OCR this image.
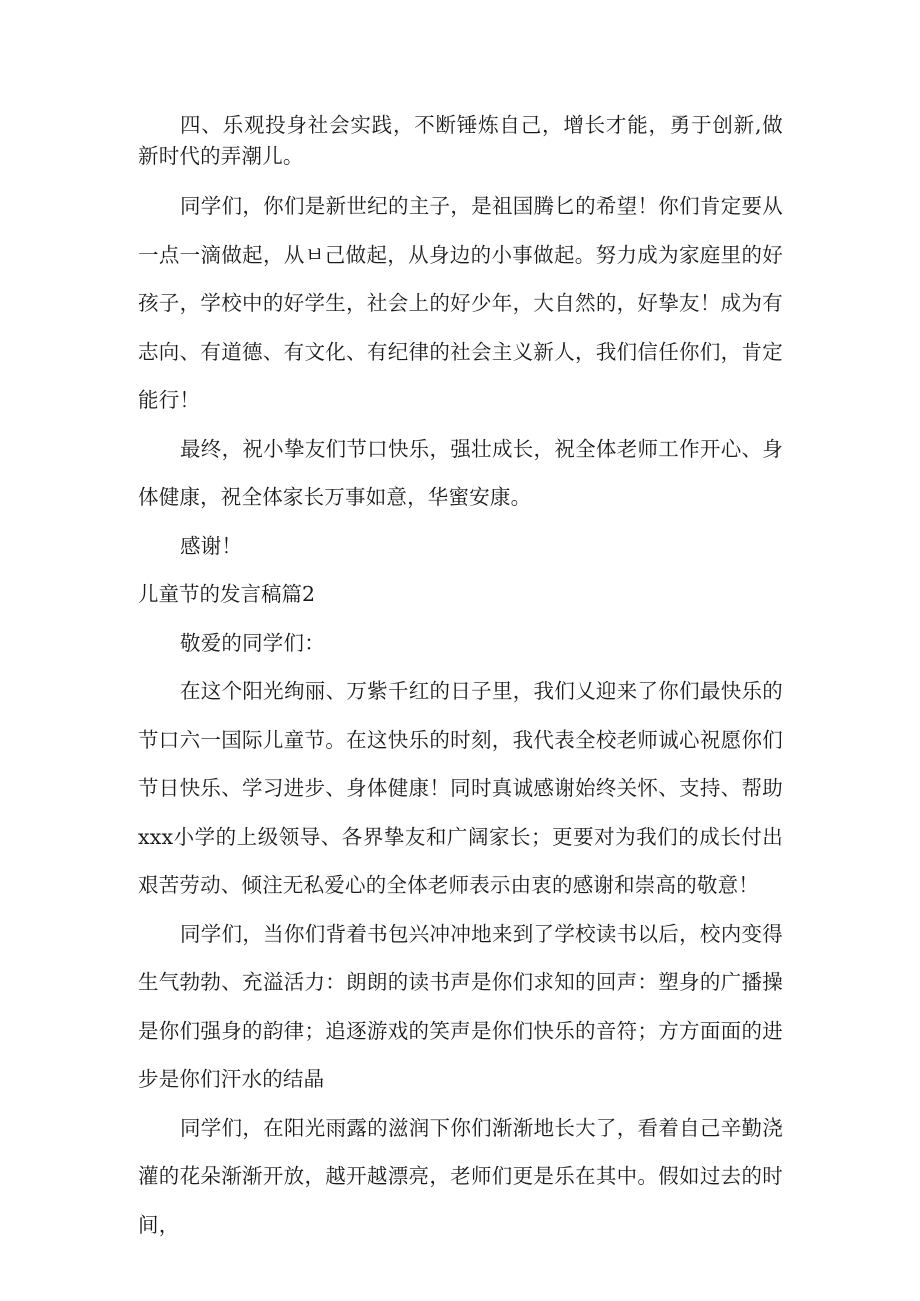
四、乐观投身社会实践，不断锤炼自己，增长才能，勇于创新,做新时代的弄潮儿。

同学们，你们是新世纪的主子，是祖国腾匕的希望！你们肯定要从一点一滴做起，从ㅂ己做起，从身边的小事做起。努力成为家庭里的好孩子，学校中的好学生，社会上的好少年，大自然的，好挚友！成为有志向、有道德、有文化、有纪律的社会主义新人，我们信任你们，肯定能行！

最终，祝小挚友们节口快乐，强壮成长，祝全体老师工作开心、身体健康，祝全体家长万事如意，华蜜安康。

感谢！

儿童节的发言稿篇2

敬爱的同学们：

在这个阳光绚丽、万紫千红的日子里，我们乂迎来了你们最快乐的节口六一国际儿童节。在这快乐的时刻，我代表全校老师诚心祝愿你们节日快乐、学习进步、身体健康！同时真诚感谢始终关怀、支持、帮助xxx小学的上级领导、各界挚友和广阔家长；更要对为我们的成长付出艰苦劳动、倾注无私爱心的全体老师表示由衷的感谢和崇高的敬意！

同学们，当你们背着书包兴冲冲地来到了学校读书以后，校内变得生气勃勃、充溢活力：朗朗的读书声是你们求知的回声：塑身的广播操是你们强身的韵律；追逐游戏的笑声是你们快乐的音符；方方面面的进步是你们汗水的结晶

同学们，在阳光雨露的滋润下你们渐渐地长大了，看着自己辛勤浇灌的花朵渐渐开放，越开越漂亮，老师们更是乐在其中。假如过去的时间，
